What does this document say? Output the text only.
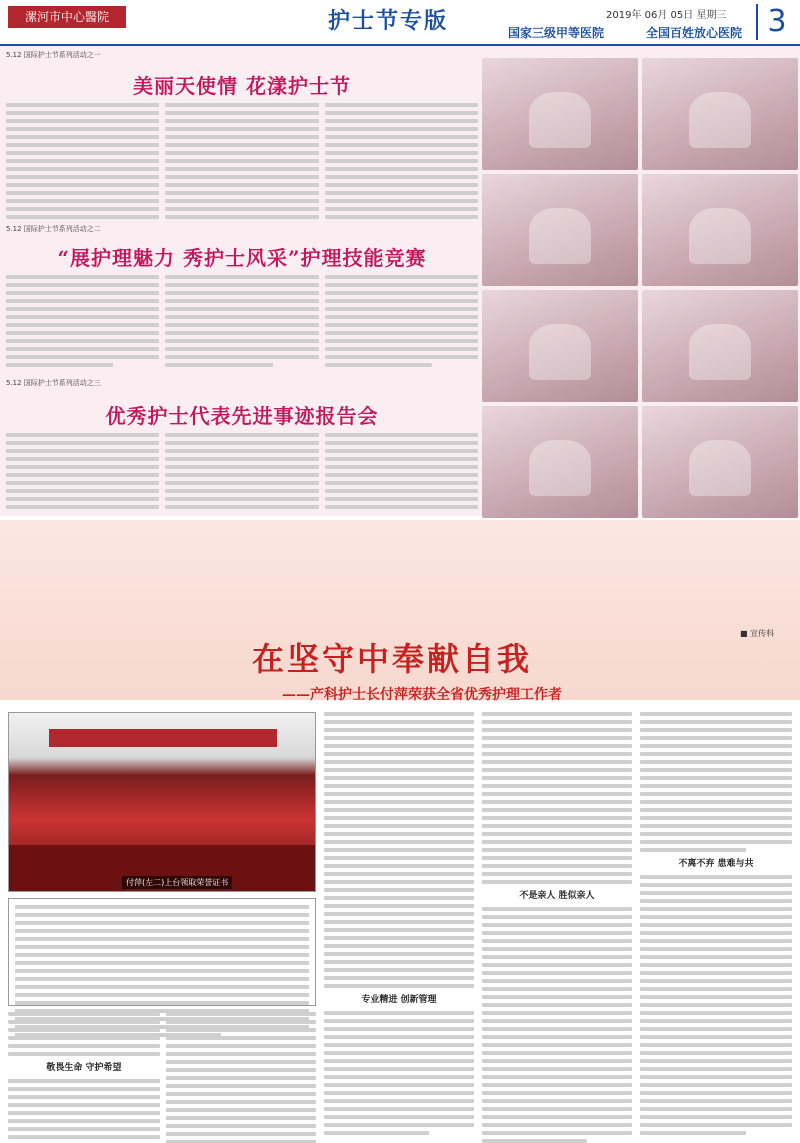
漯河市中心醫院	护士节专版	2019年 06月 05日 星期三
国家三级甲等医院	全国百姓放心医院 3
5.12 国际护士节系列活动之一
美丽天使情 花漾护士节
5.12 国际护士节系列活动之二
“展护理魅力 秀护士风采”护理技能竞赛
5.12 国际护士节系列活动之三
优秀护士代表先进事迹报告会
在坚守中奉献自我
——产科护士长付萍荣获全省优秀护理工作者
■ 宣传科
付萍(左二)上台领取荣誉证书
敬畏生命 守护希望
专业精进 创新管理
不是亲人 胜似亲人
不离不弃 患难与共
